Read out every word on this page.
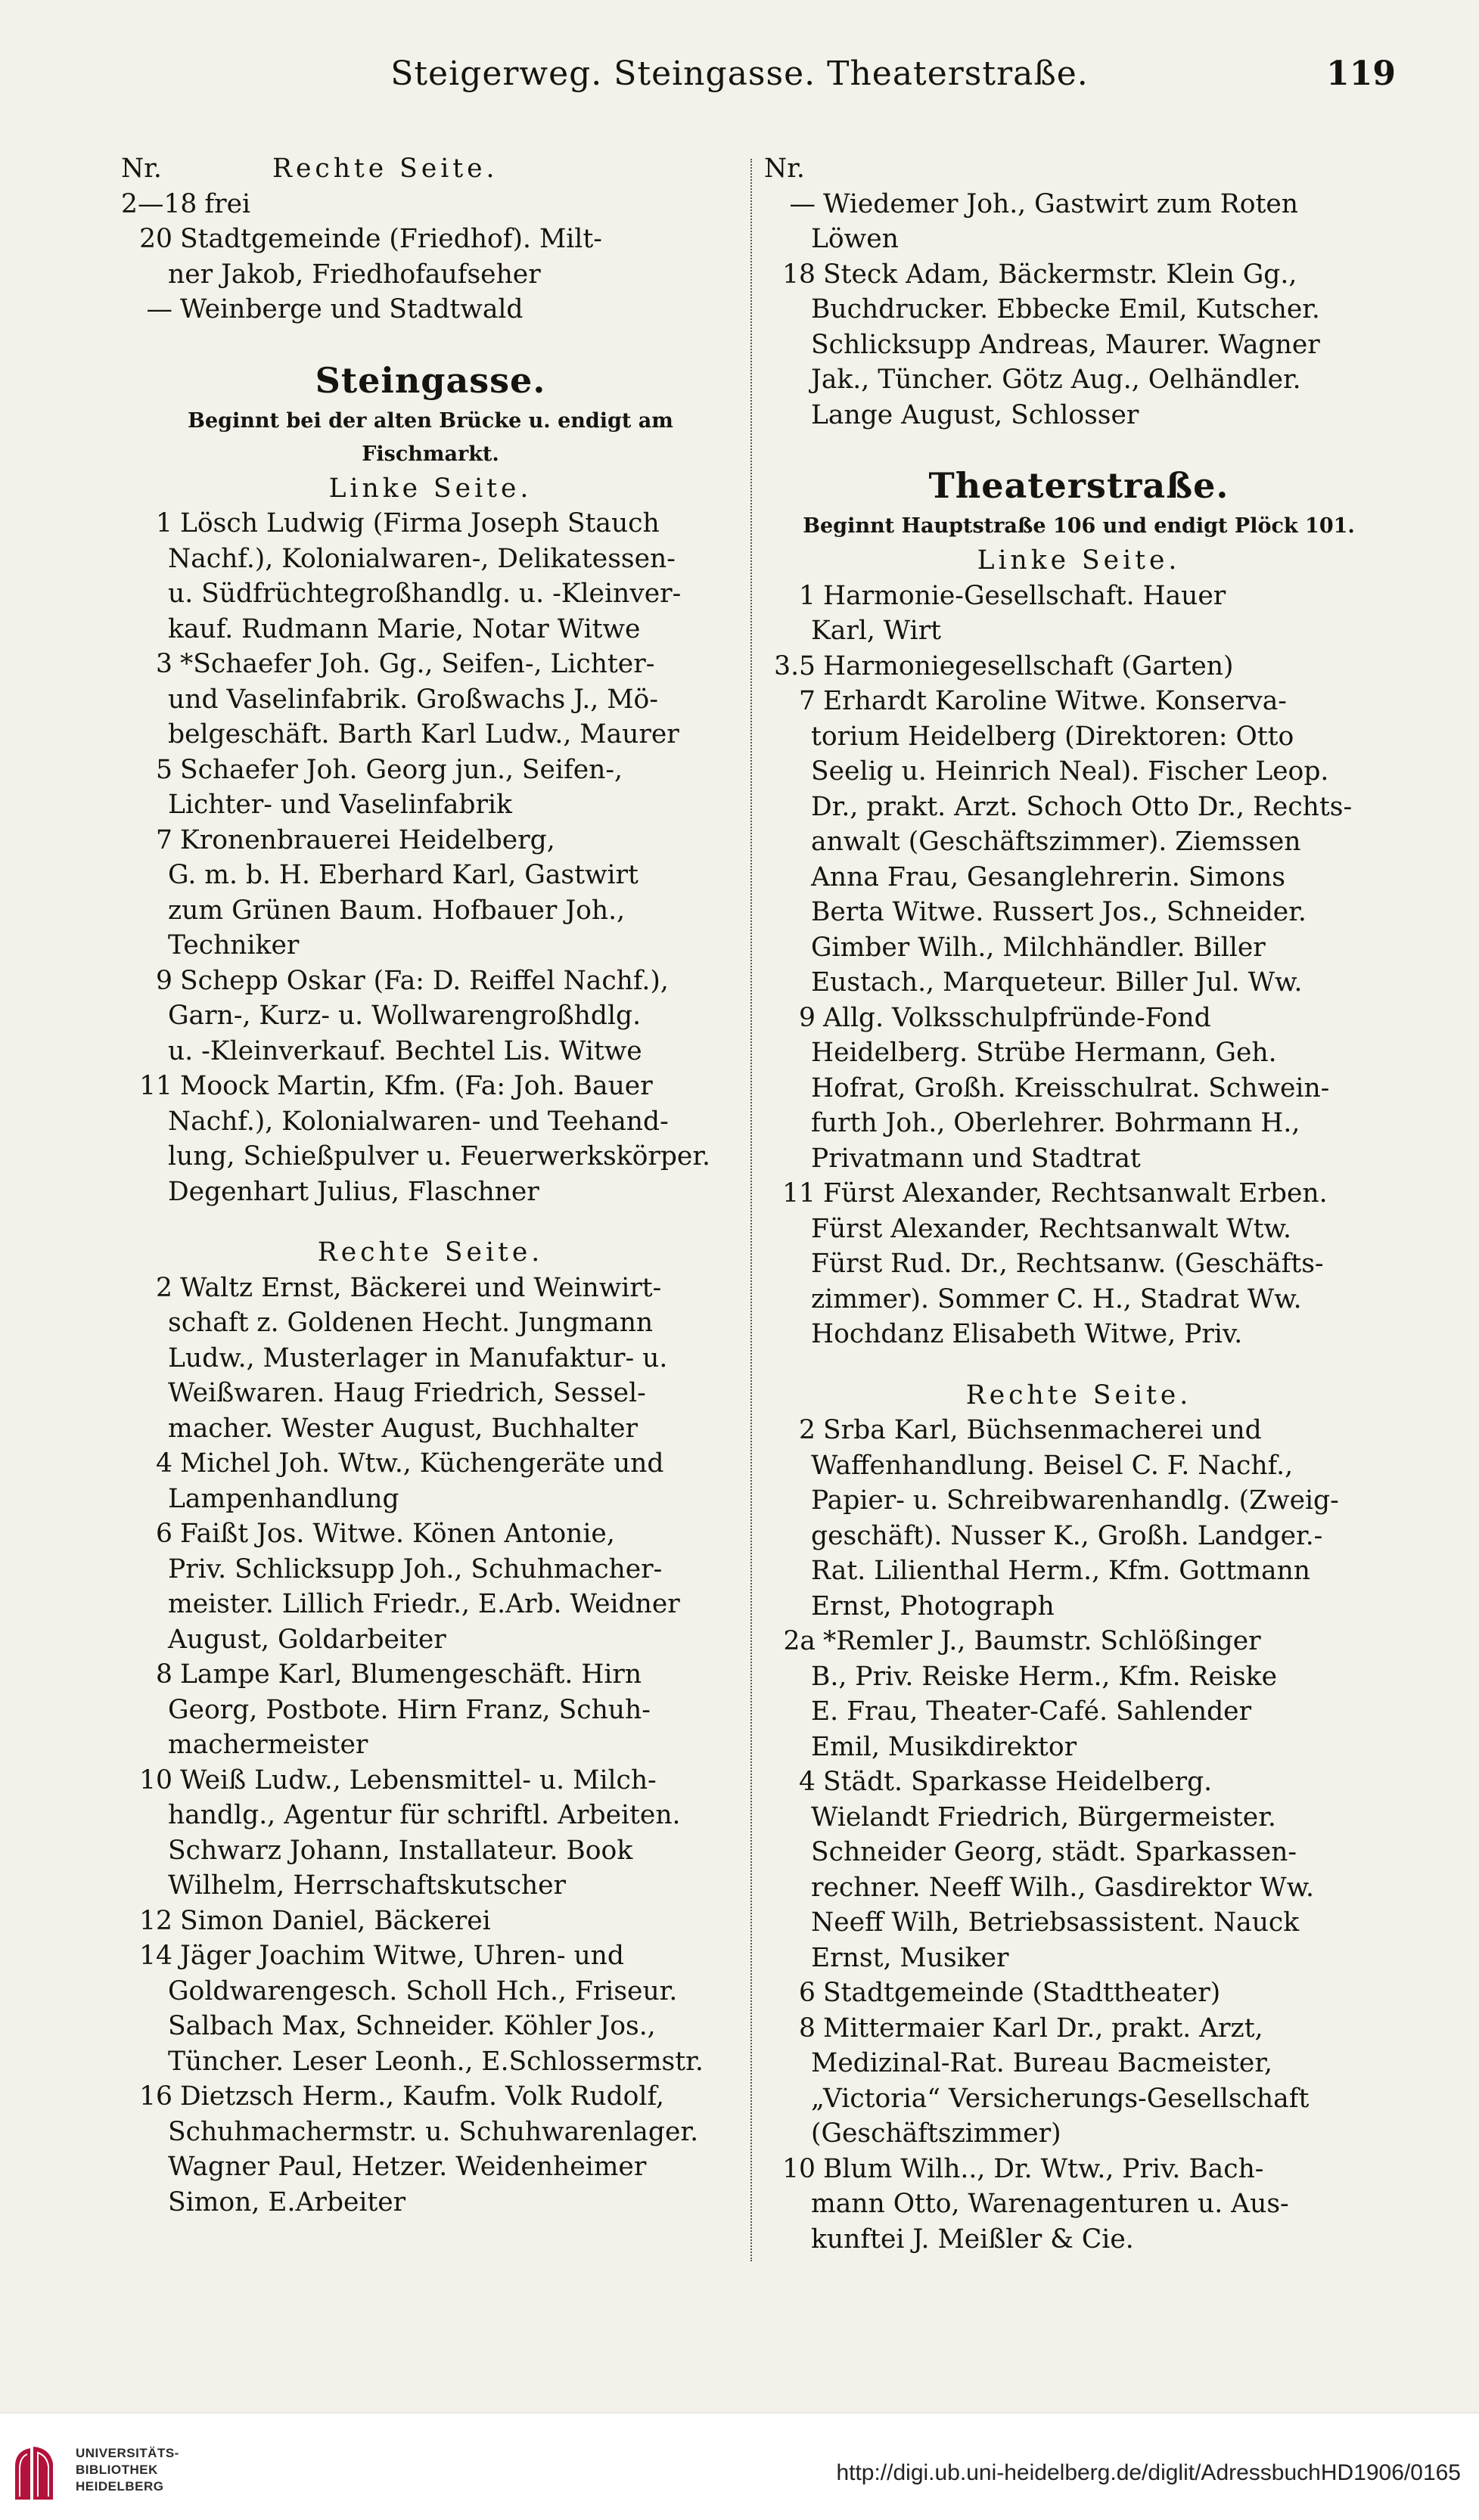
Steigerweg. Steingasse. Theaterstraße.	119
Nr.	Rechte Seite.
2—18 frei
20 Stadtgemeinde (Friedhof). Milt-
ner Jakob, Friedhofaufseher
— Weinberge und Stadtwald
Steingasse.
Beginnt bei der alten Brücke u. endigt am Fischmarkt.
Linke Seite.
1 Lösch Ludwig (Firma Joseph Stauch
Nachf.), Kolonialwaren-, Delikatessen-
u. Südfrüchtegroßhandlg. u. -Kleinver-
kauf. Rudmann Marie, Notar Witwe
3 *Schaefer Joh. Gg., Seifen-, Lichter-
und Vaselinfabrik. Großwachs J., Mö-
belgeschäft. Barth Karl Ludw., Maurer
5 Schaefer Joh. Georg jun., Seifen-,
Lichter- und Vaselinfabrik
7 Kronenbrauerei Heidelberg,
G. m. b. H. Eberhard Karl, Gastwirt
zum Grünen Baum. Hofbauer Joh.,
Techniker
9 Schepp Oskar (Fa: D. Reiffel Nachf.),
Garn-, Kurz- u. Wollwarengroßhdlg.
u. -Kleinverkauf. Bechtel Lis. Witwe
11 Moock Martin, Kfm. (Fa: Joh. Bauer
Nachf.), Kolonialwaren- und Teehand-
lung, Schießpulver u. Feuerwerkskörper.
Degenhart Julius, Flaschner
Rechte Seite.
2 Waltz Ernst, Bäckerei und Weinwirt-
schaft z. Goldenen Hecht. Jungmann
Ludw., Musterlager in Manufaktur- u.
Weißwaren. Haug Friedrich, Sessel-
macher. Wester August, Buchhalter
4 Michel Joh. Wtw., Küchengeräte und
Lampenhandlung
6 Faißt Jos. Witwe. Könen Antonie,
Priv. Schlicksupp Joh., Schuhmacher-
meister. Lillich Friedr., E.Arb. Weidner
August, Goldarbeiter
8 Lampe Karl, Blumengeschäft. Hirn
Georg, Postbote. Hirn Franz, Schuh-
machermeister
10 Weiß Ludw., Lebensmittel- u. Milch-
handlg., Agentur für schriftl. Arbeiten.
Schwarz Johann, Installateur. Book
Wilhelm, Herrschaftskutscher
12 Simon Daniel, Bäckerei
14 Jäger Joachim Witwe, Uhren- und
Goldwarengesch. Scholl Hch., Friseur.
Salbach Max, Schneider. Köhler Jos.,
Tüncher. Leser Leonh., E.Schlossermstr.
16 Dietzsch Herm., Kaufm. Volk Rudolf,
Schuhmachermstr. u. Schuhwarenlager.
Wagner Paul, Hetzer. Weidenheimer
Simon, E.Arbeiter
Nr.
— Wiedemer Joh., Gastwirt zum Roten
Löwen
18 Steck Adam, Bäckermstr. Klein Gg.,
Buchdrucker. Ebbecke Emil, Kutscher.
Schlicksupp Andreas, Maurer. Wagner
Jak., Tüncher. Götz Aug., Oelhändler.
Lange August, Schlosser
Theaterstraße.
Beginnt Hauptstraße 106 und endigt Plöck 101.
Linke Seite.
1 Harmonie-Gesellschaft. Hauer
Karl, Wirt
3.5 Harmoniegesellschaft (Garten)
7 Erhardt Karoline Witwe. Konserva-
torium Heidelberg (Direktoren: Otto
Seelig u. Heinrich Neal). Fischer Leop.
Dr., prakt. Arzt. Schoch Otto Dr., Rechts-
anwalt (Geschäftszimmer). Ziemssen
Anna Frau, Gesanglehrerin. Simons
Berta Witwe. Russert Jos., Schneider.
Gimber Wilh., Milchhändler. Biller
Eustach., Marqueteur. Biller Jul. Ww.
9 Allg. Volksschulpfründe-Fond
Heidelberg. Strübe Hermann, Geh.
Hofrat, Großh. Kreisschulrat. Schwein-
furth Joh., Oberlehrer. Bohrmann H.,
Privatmann und Stadtrat
11 Fürst Alexander, Rechtsanwalt Erben.
Fürst Alexander, Rechtsanwalt Wtw.
Fürst Rud. Dr., Rechtsanw. (Geschäfts-
zimmer). Sommer C. H., Stadrat Ww.
Hochdanz Elisabeth Witwe, Priv.
Rechte Seite.
2 Srba Karl, Büchsenmacherei und
Waffenhandlung. Beisel C. F. Nachf.,
Papier- u. Schreibwarenhandlg. (Zweig-
geschäft). Nusser K., Großh. Landger.-
Rat. Lilienthal Herm., Kfm. Gottmann
Ernst, Photograph
2a *Remler J., Baumstr. Schlößinger
B., Priv. Reiske Herm., Kfm. Reiske
E. Frau, Theater-Café. Sahlender
Emil, Musikdirektor
4 Städt. Sparkasse Heidelberg.
Wielandt Friedrich, Bürgermeister.
Schneider Georg, städt. Sparkassen-
rechner. Neeff Wilh., Gasdirektor Ww.
Neeff Wilh, Betriebsassistent. Nauck
Ernst, Musiker
6 Stadtgemeinde (Stadttheater)
8 Mittermaier Karl Dr., prakt. Arzt,
Medizinal-Rat. Bureau Bacmeister,
„Victoria“ Versicherungs-Gesellschaft
(Geschäftszimmer)
10 Blum Wilh.., Dr. Wtw., Priv. Bach-
mann Otto, Warenagenturen u. Aus-
kunftei J. Meißler & Cie.
UNIVERSITÄTS-
BIBLIOTHEK
HEIDELBERG
http://digi.ub.uni-heidelberg.de/diglit/AdressbuchHD1906/0165
